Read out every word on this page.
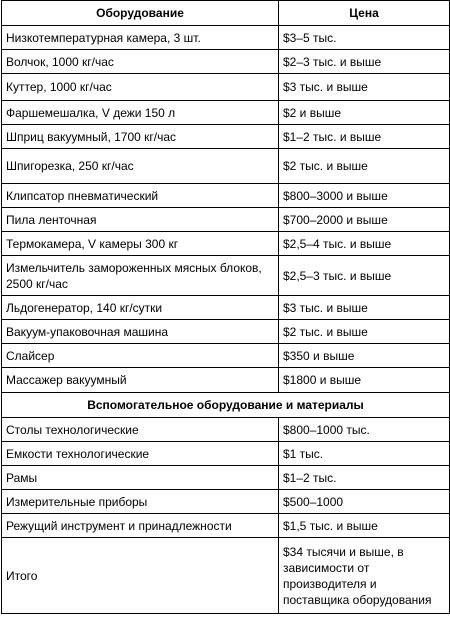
Оборудование	Цена
Низкотемпературная камера, 3 шт.	$3–5 тыс.
Волчок, 1000 кг/час	$2–3 тыс. и выше
Куттер, 1000 кг/час	$3 тыс. и выше
Фаршемешалка, V дежи 150 л	$2 и выше
Шприц вакуумный, 1700 кг/час	$1–2 тыс. и выше
Шпигорезка, 250 кг/час	$2 тыс. и выше
Клипсатор пневматический	$800–3000 и выше
Пила ленточная	$700–2000 и выше
Термокамера, V камеры 300 кг	$2,5–4 тыс. и выше
Измельчитель замороженных мясных блоков, 2500 кг/час	$2,5–3 тыс. и выше
Льдогенератор, 140 кг/сутки	$3 тыс. и выше
Вакуум-упаковочная машина	$2 тыс. и выше
Слайсер	$350 и выше
Массажер вакуумный	$1800 и выше
Вспомогательное оборудование и материалы	
Столы технологические	$800–1000 тыс.
Емкости технологические	$1 тыс.
Рамы	$1–2 тыс.
Измерительные приборы	$500–1000
Режущий инструмент и принадлежности	$1,5 тыс. и выше
Итого	$34 тысячи и выше, в зависимости от производителя и поставщика оборудования
